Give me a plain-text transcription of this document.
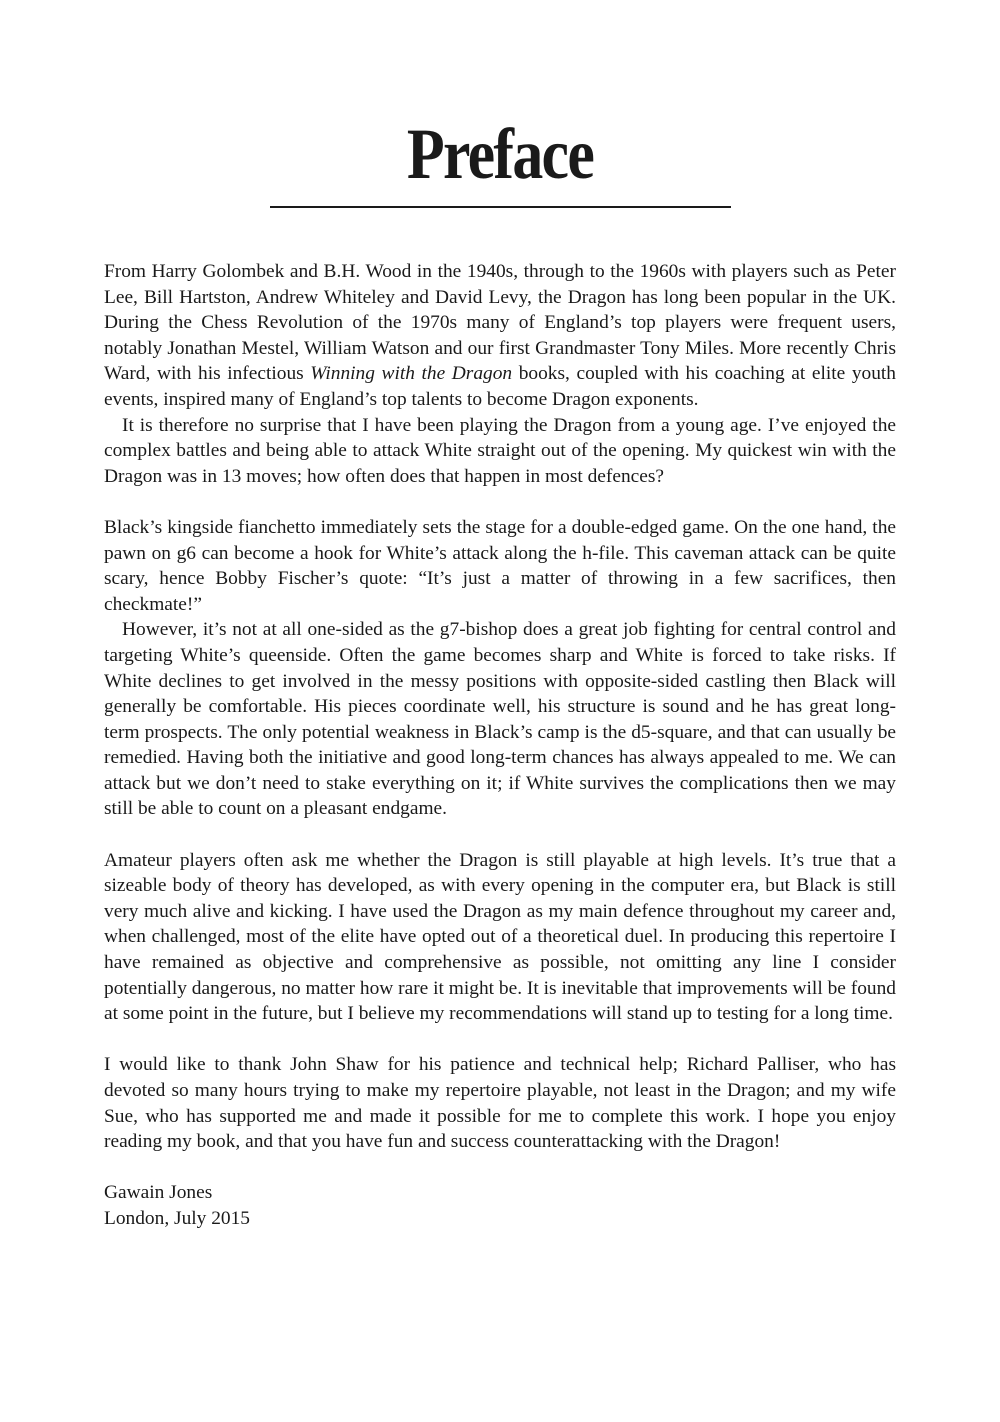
Preface

From Harry Golombek and B.H. Wood in the 1940s, through to the 1960s with players such as Peter Lee, Bill Hartston, Andrew Whiteley and David Levy, the Dragon has long been popular in the UK. During the Chess Revolution of the 1970s many of England’s top players were frequent users, notably Jonathan Mestel, William Watson and our first Grandmaster Tony Miles. More recently Chris Ward, with his infectious Winning with the Dragon books, coupled with his coaching at elite youth events, inspired many of England’s top talents to become Dragon exponents.

It is therefore no surprise that I have been playing the Dragon from a young age. I’ve enjoyed the complex battles and being able to attack White straight out of the opening. My quickest win with the Dragon was in 13 moves; how often does that happen in most defences?

Black’s kingside fianchetto immediately sets the stage for a double-edged game. On the one hand, the pawn on g6 can become a hook for White’s attack along the h-file. This caveman attack can be quite scary, hence Bobby Fischer’s quote: “It’s just a matter of throwing in a few sacrifices, then checkmate!”

However, it’s not at all one-sided as the g7-bishop does a great job fighting for central control and targeting White’s queenside. Often the game becomes sharp and White is forced to take risks. If White declines to get involved in the messy positions with opposite-sided castling then Black will generally be comfortable. His pieces coordinate well, his structure is sound and he has great long-term prospects. The only potential weakness in Black’s camp is the d5-square, and that can usually be remedied. Having both the initiative and good long-term chances has always appealed to me. We can attack but we don’t need to stake everything on it; if White survives the complications then we may still be able to count on a pleasant endgame.

Amateur players often ask me whether the Dragon is still playable at high levels. It’s true that a sizeable body of theory has developed, as with every opening in the computer era, but Black is still very much alive and kicking. I have used the Dragon as my main defence throughout my career and, when challenged, most of the elite have opted out of a theoretical duel. In producing this repertoire I have remained as objective and comprehensive as possible, not omitting any line I consider potentially dangerous, no matter how rare it might be. It is inevitable that improvements will be found at some point in the future, but I believe my recommendations will stand up to testing for a long time.

I would like to thank John Shaw for his patience and technical help; Richard Palliser, who has devoted so many hours trying to make my repertoire playable, not least in the Dragon; and my wife Sue, who has supported me and made it possible for me to complete this work. I hope you enjoy reading my book, and that you have fun and success counterattacking with the Dragon!

Gawain Jones
London, July 2015
